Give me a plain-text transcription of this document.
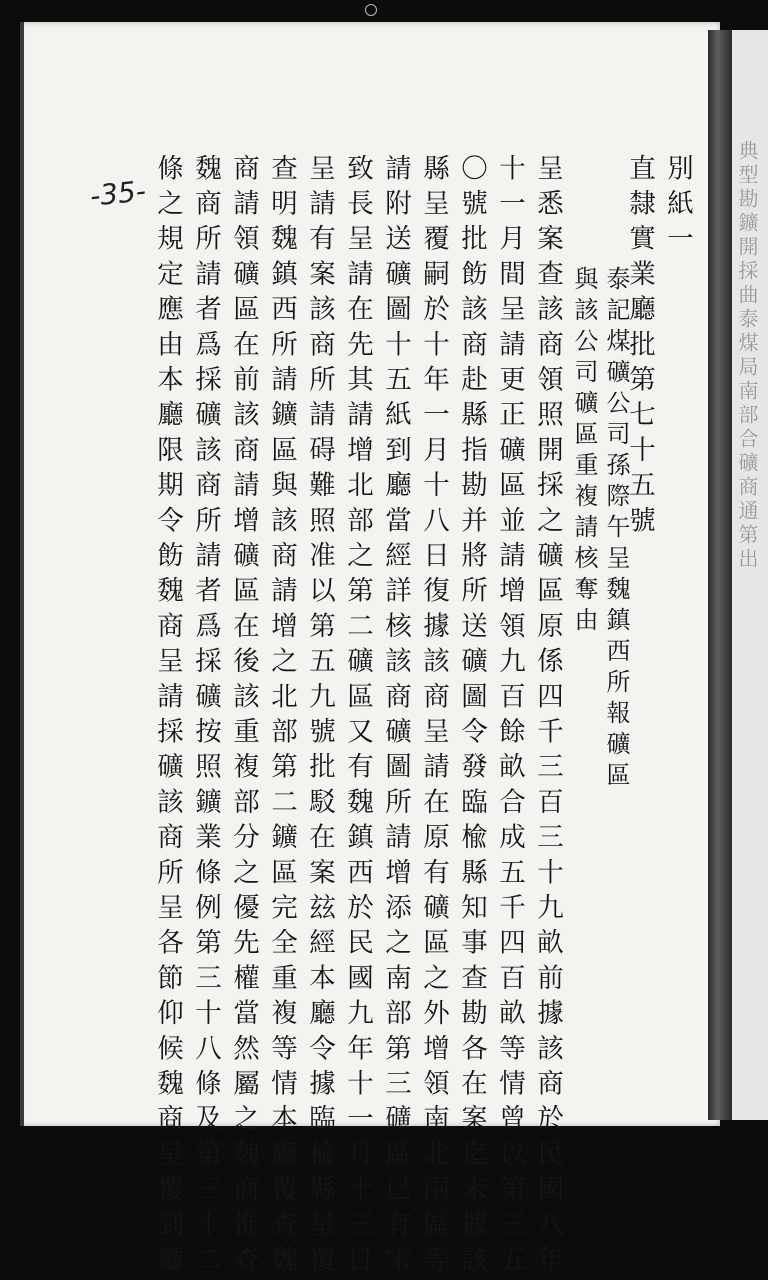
-35-	別紙一
直隸實業廳批第七十五號
泰記煤礦公司孫際午呈魏鎮西所報礦區
與該公司礦區重複請核奪由
呈悉案查該商領照開採之礦區原係四千三百三十九畝前據該商於民國八年
十一月間呈請更正礦區並請增領九百餘畝合成五千四百畝等情曾以第三五
〇號批飭該商赴縣指勘并將所送礦圖令發臨楡縣知事查勘各在案迄未據該
縣呈覆嗣於十年一月十八日復據該商呈請在原有礦區之外增領南北兩區等
請附送礦圖十五紙到廳當經詳核該商礦圖所請增添之南部第三礦區已有宋
致長呈請在先其請增北部之第二礦區又有魏鎮西於民國九年十一月十三日
呈請有案該商所請碍難照准以第五九號批駁在案玆經本廳令據臨楡縣呈覆
查明魏鎮西所請鑛區與該商請增之北部第二鑛區完全重複等情本廳覆查魏
商請領礦區在前該商請增礦區在後該重複部分之優先權當然屬之魏商惟查
魏商所請者爲採礦該商所請者爲採礦按照鑛業條例第三十八條及第三十二
條之規定應由本廳限期令飭魏商呈請採礦該商所呈各節仰候魏商呈覆到廳	典型勘鑛開採曲泰煤局南部合礦商通第出
